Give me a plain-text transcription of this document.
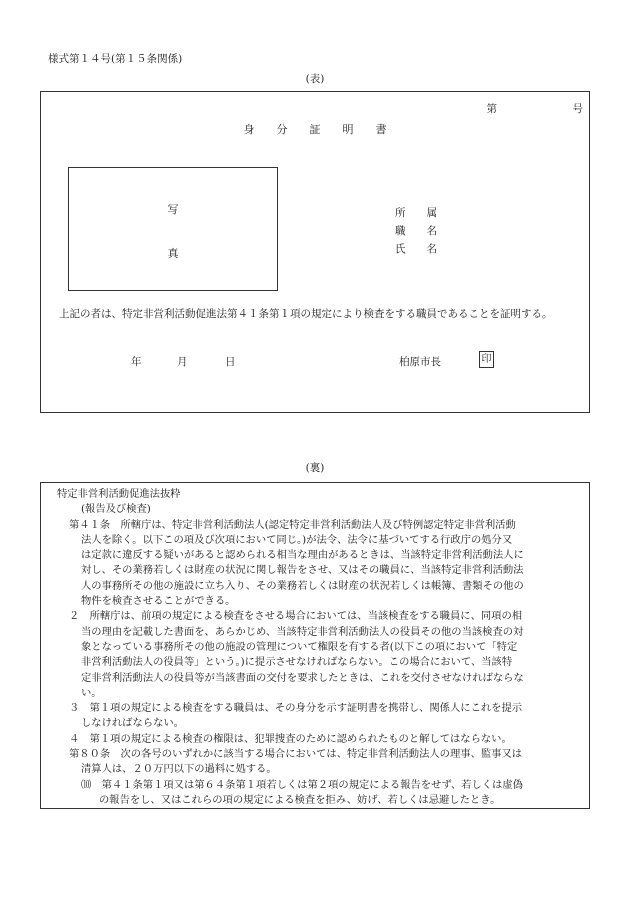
様式第１４号(第１５条関係)
(表)
第	号
身　　分　　証　　明　　書
写
真
所　　属
職　　名
氏　　名
上記の者は、特定非営利活動促進法第４１条第１項の規定により検査をする職員であることを証明する。
年	月	日	柏原市長	印
(裏)

特定非営利活動促進法抜粋

(報告及び検査)

第４１条　所轄庁は、特定非営利活動法人(認定特定非営利活動法人及び特例認定特定非営利活動

法人を除く。以下この項及び次項において同じ。)が法令、法令に基づいてする行政庁の処分又

は定款に違反する疑いがあると認められる相当な理由があるときは、当該特定非営利活動法人に

対し、その業務若しくは財産の状況に関し報告をさせ、又はその職員に、当該特定非営利活動法

人の事務所その他の施設に立ち入り、その業務若しくは財産の状況若しくは帳簿、書類その他の

物件を検査させることができる。

２　所轄庁は、前項の規定による検査をさせる場合においては、当該検査をする職員に、同項の相

当の理由を記載した書面を、あらかじめ、当該特定非営利活動法人の役員その他の当該検査の対

象となっている事務所その他の施設の管理について権限を有する者(以下この項において「特定

非営利活動法人の役員等」という。)に提示させなければならない。この場合において、当該特

定非営利活動法人の役員等が当該書面の交付を要求したときは、これを交付させなければならな

い。

３　第１項の規定による検査をする職員は、その身分を示す証明書を携帯し、関係人にこれを提示

しなければならない。

４　第１項の規定による検査の権限は、犯罪捜査のために認められたものと解してはならない。

第８０条　次の各号のいずれかに該当する場合においては、特定非営利活動法人の理事、監事又は

清算人は、２０万円以下の過料に処する。

⑽　第４１条第１項又は第６４条第１項若しくは第２項の規定による報告をせず、若しくは虚偽

の報告をし、又はこれらの項の規定による検査を拒み、妨げ、若しくは忌避したとき。
